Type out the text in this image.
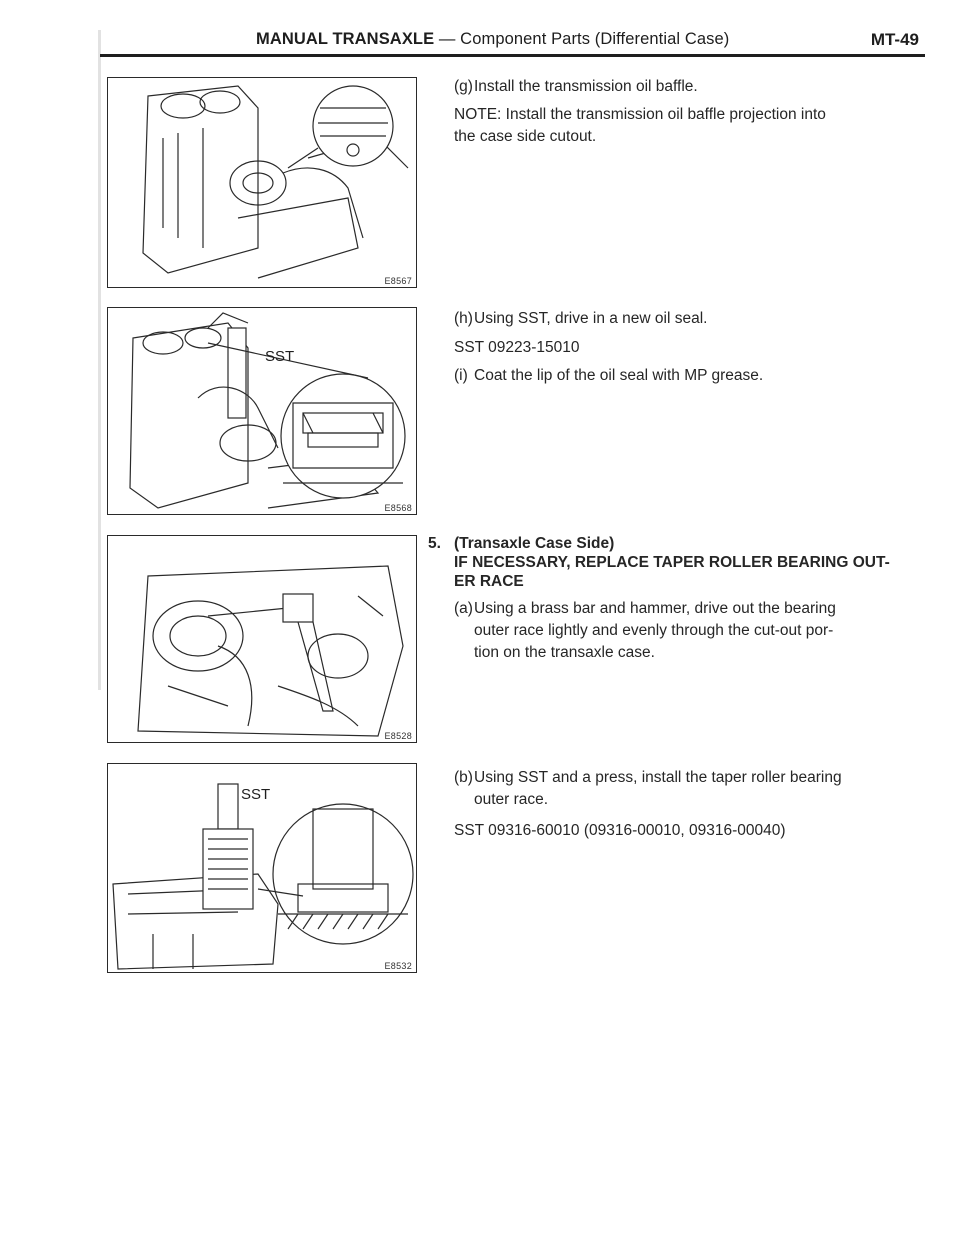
MANUAL TRANSAXLE — Component Parts (Differential Case)	MT-49
E8567
SST
E8568
E8528
SST
E8532
(g) Install the transmission oil baffle.
NOTE: Install the transmission oil baffle projection into
the case side cutout.
(h) Using SST, drive in a new oil seal.
SST 09223-15010
(i) Coat the lip of the oil seal with MP grease.
5. (Transaxle Case Side)
IF NECESSARY, REPLACE TAPER ROLLER BEARING OUT-
ER RACE
(a) Using a brass bar and hammer, drive out the bearing
outer race lightly and evenly through the cut-out por-
tion on the transaxle case.
(b) Using SST and a press, install the taper roller bearing
outer race.
SST 09316-60010 (09316-00010, 09316-00040)
